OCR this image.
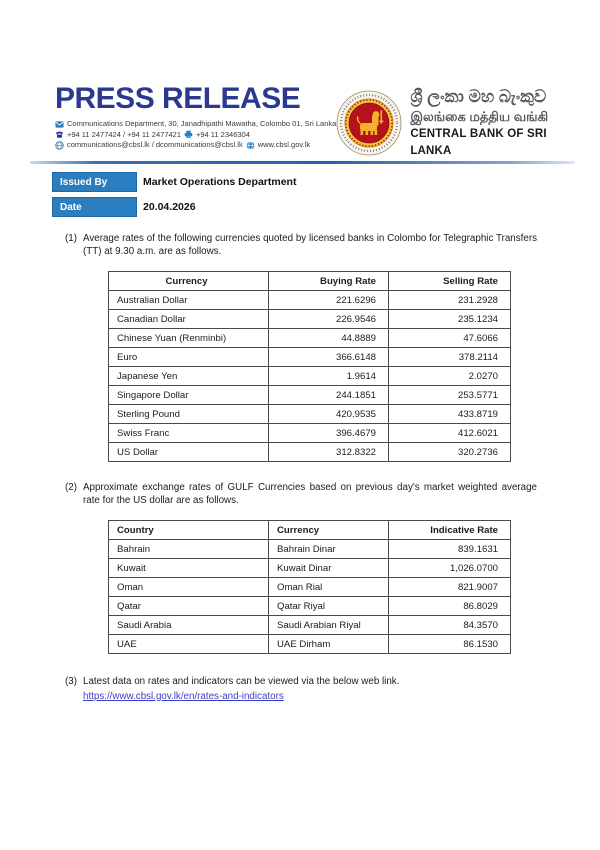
PRESS RELEASE
Communications Department, 30, Janadhipathi Mawatha, Colombo 01, Sri Lanka
+94 11 2477424 / +94 11 2477421 +94 11 2346304
communications@cbsl.lk / dcommunications@cbsl.lk www.cbsl.gov.lk
ශ්‍රී ලංකා මහ බැංකුව
இலங்கை மத்திய வங்கி
CENTRAL BANK OF SRI LANKA
Issued By	Market Operations Department
Date	20.04.2026
(1) Average rates of the following currencies quoted by licensed banks in Colombo for Telegraphic Transfers (TT) at 9.30 a.m. are as follows.
Currency	Buying Rate	Selling Rate
Australian Dollar	221.6296	231.2928
Canadian Dollar	226.9546	235.1234
Chinese Yuan (Renminbi)	44.8889	47.6066
Euro	366.6148	378.2114
Japanese Yen	1.9614	2.0270
Singapore Dollar	244.1851	253.5771
Sterling Pound	420.9535	433.8719
Swiss Franc	396.4679	412.6021
US Dollar	312.8322	320.2736
(2) Approximate exchange rates of GULF Currencies based on previous day's market weighted average rate for the US dollar are as follows.
Country	Currency	Indicative Rate
Bahrain	Bahrain Dinar	839.1631
Kuwait	Kuwait Dinar	1,026.0700
Oman	Oman Rial	821.9007
Qatar	Qatar Riyal	86.8029
Saudi Arabia	Saudi Arabian Riyal	84.3570
UAE	UAE Dirham	86.1530
(3) Latest data on rates and indicators can be viewed via the below web link.
https://www.cbsl.gov.lk/en/rates-and-indicators
